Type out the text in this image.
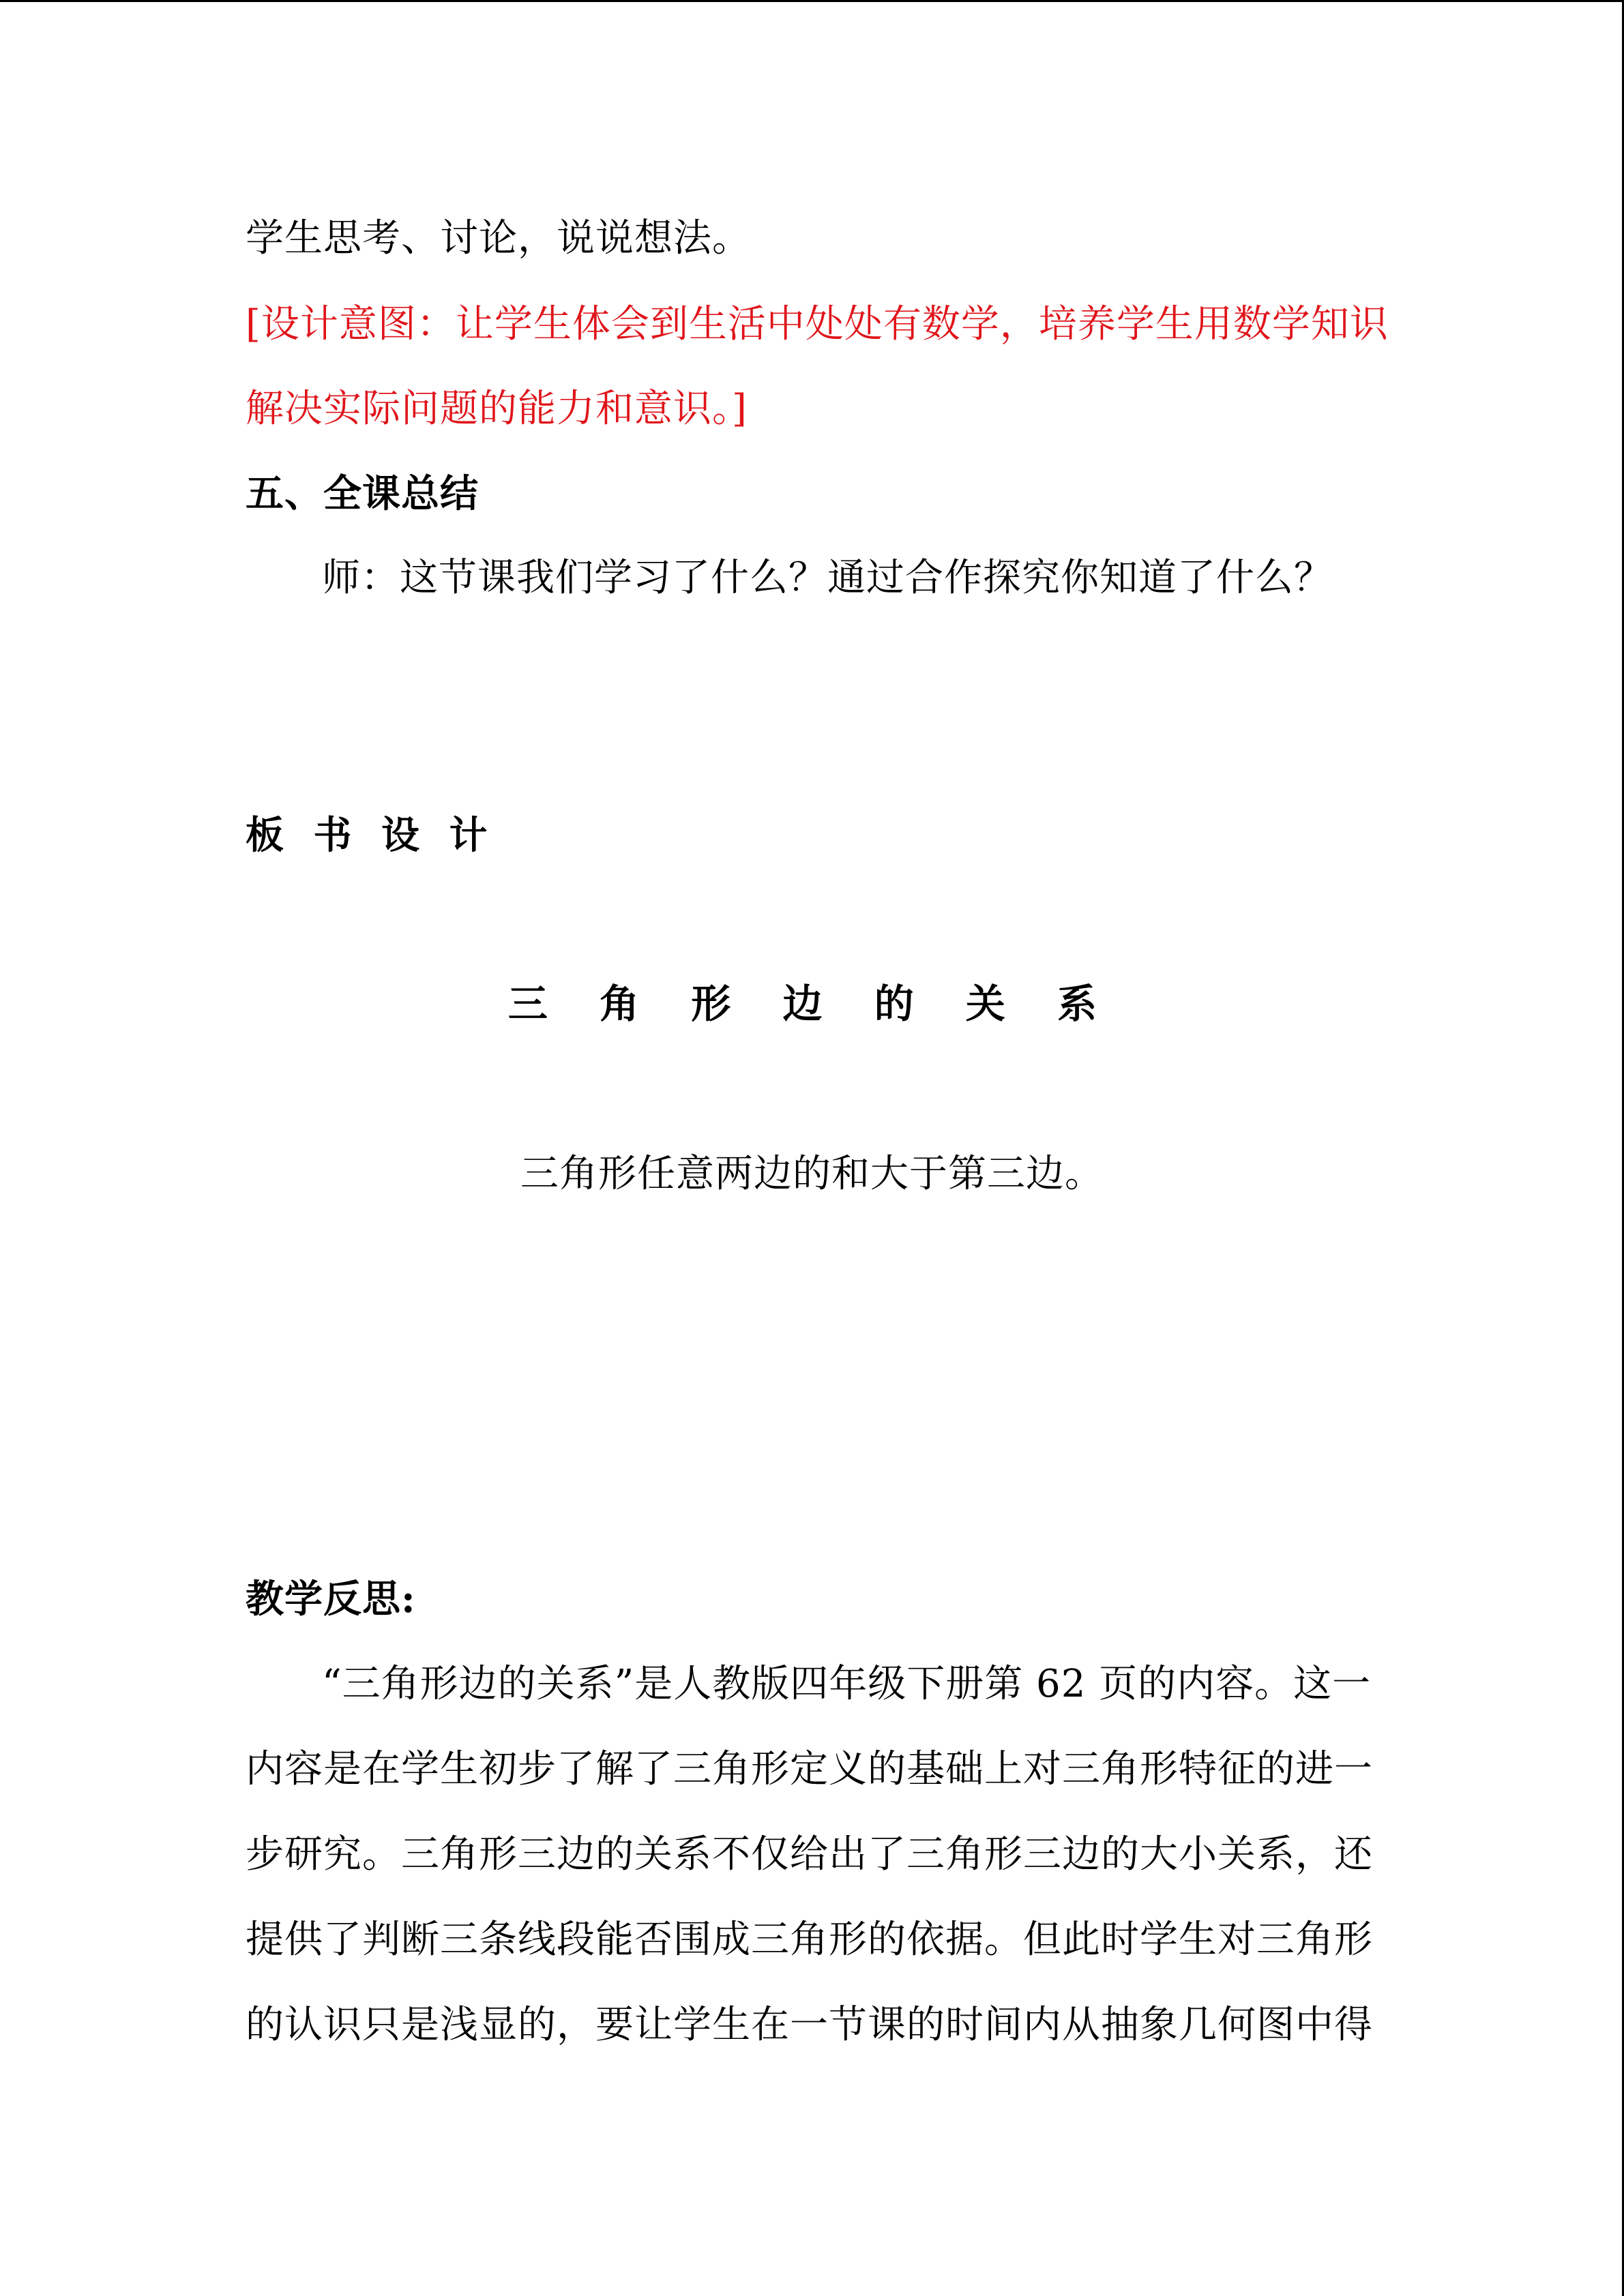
学生思考、讨论，说说想法。
[设计意图：让学生体会到生活中处处有数学，培养学生用数学知识
解决实际问题的能力和意识。]
五、全课总结
师：这节课我们学习了什么？通过合作探究你知道了什么？
板 书 设 计
三 角 形 边 的 关 系
三角形任意两边的和大于第三边。
教学反思:
“三角形边的关系”是人教版四年级下册第 62 页的内容。这一
内容是在学生初步了解了三角形定义的基础上对三角形特征的进一
步研究。三角形三边的关系不仅给出了三角形三边的大小关系，还
提供了判断三条线段能否围成三角形的依据。但此时学生对三角形
的认识只是浅显的，要让学生在一节课的时间内从抽象几何图中得
